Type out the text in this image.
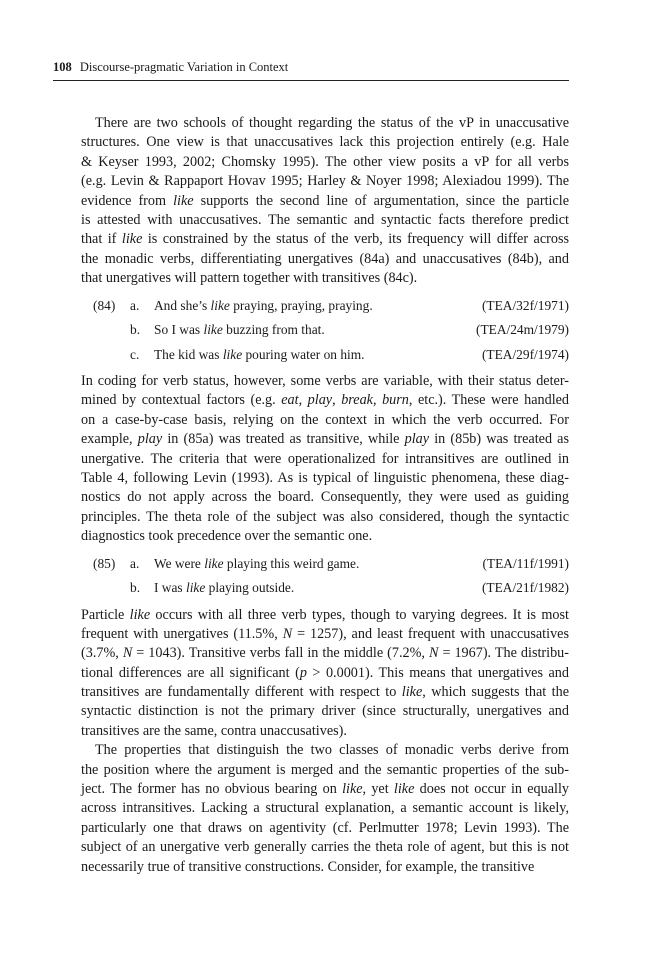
108 Discourse-pragmatic Variation in Context
There are two schools of thought regarding the status of the vP in unaccusative
structures. One view is that unaccusatives lack this projection entirely (e.g. Hale
& Keyser 1993, 2002; Chomsky 1995). The other view posits a vP for all verbs
(e.g. Levin & Rappaport Hovav 1995; Harley & Noyer 1998; Alexiadou 1999). The
evidence from like supports the second line of argumentation, since the particle
is attested with unaccusatives. The semantic and syntactic facts therefore predict
that if like is constrained by the status of the verb, its frequency will differ across
the monadic verbs, differentiating unergatives (84a) and unaccusatives (84b), and
that unergatives will pattern together with transitives (84c).
(84) a. And she’s like praying, praying, praying.	(TEA/32f/1971)
b. So I was like buzzing from that.	(TEA/24m/1979)
c. The kid was like pouring water on him.	(TEA/29f/1974)
In coding for verb status, however, some verbs are variable, with their status deter-
mined by contextual factors (e.g. eat, play, break, burn, etc.). These were handled
on a case-by-case basis, relying on the context in which the verb occurred. For
example, play in (85a) was treated as transitive, while play in (85b) was treated as
unergative. The criteria that were operationalized for intransitives are outlined in
Table 4, following Levin (1993). As is typical of linguistic phenomena, these diag-
nostics do not apply across the board. Consequently, they were used as guiding
principles. The theta role of the subject was also considered, though the syntactic
diagnostics took precedence over the semantic one.
(85) a. We were like playing this weird game.	(TEA/11f/1991)
b. I was like playing outside.	(TEA/21f/1982)
Particle like occurs with all three verb types, though to varying degrees. It is most
frequent with unergatives (11.5%, N = 1257), and least frequent with unaccusatives
(3.7%, N = 1043). Transitive verbs fall in the middle (7.2%, N = 1967). The distribu-
tional differences are all significant (p > 0.0001). This means that unergatives and
transitives are fundamentally different with respect to like, which suggests that the
syntactic distinction is not the primary driver (since structurally, unergatives and
transitives are the same, contra unaccusatives).
The properties that distinguish the two classes of monadic verbs derive from
the position where the argument is merged and the semantic properties of the sub-
ject. The former has no obvious bearing on like, yet like does not occur in equally
across intransitives. Lacking a structural explanation, a semantic account is likely,
particularly one that draws on agentivity (cf. Perlmutter 1978; Levin 1993). The
subject of an unergative verb generally carries the theta role of agent, but this is not
necessarily true of transitive constructions. Consider, for example, the transitive
